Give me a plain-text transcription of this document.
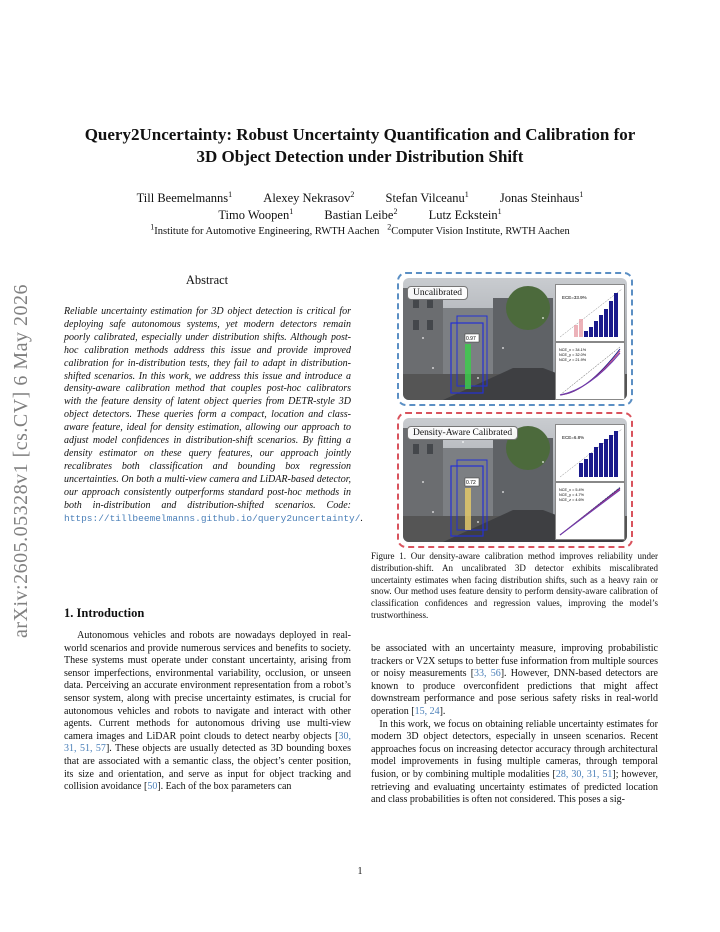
arXiv:2605.05328v1 [cs.CV] 6 May 2026
Query2Uncertainty: Robust Uncertainty Quantification and Calibration for
3D Object Detection under Distribution Shift
Till Beemelmanns$^1$ Alexey Nekrasov$^2$ Stefan Vilceanu$^1$ Jonas Steinhaus$^1$
Timo Woopen$^1$ Bastian Leibe$^2$ Lutz Eckstein$^1$
$^1$Institute for Automotive Engineering, RWTH Aachen $^2$Computer Vision Institute, RWTH Aachen
Abstract
Reliable uncertainty estimation for 3D object detection is critical for deploying safe autonomous systems, yet modern detectors remain poorly calibrated, especially under distribution shifts. Although post-hoc calibration methods address this issue and provide improved calibration for in-distribution tests, they fail to adapt in distribution-shifted scenarios. In this work, we address this issue and introduce a density-aware calibration method that couples post-hoc calibrators with the feature density of latent object queries from DETR-style 3D object detectors. These queries form a compact, location and class-aware feature, ideal for density estimation, allowing our approach to adjust model confidences in distribution-shift scenarios. By fitting a density estimator on these query features, our approach jointly recalibrates both classification and bounding box regression uncertainties. On both a multi-view camera and LiDAR-based detector, our approach consistently outperforms standard post-hoc methods in both in-distribution and distribution-shifted scenarios. Code: https://tillbeemelmanns.github.io/query2uncertainty/.
1. Introduction
Autonomous vehicles and robots are nowadays deployed in real-world scenarios and provide numerous services and benefits to society. These systems must operate under constant uncertainty, arising from sensor imperfections, environmental variability, occlusion, or unseen data. Perceiving an accurate environment representation from a robot’s sensor system, along with precise uncertainty estimates, is crucial for autonomous vehicles and robots to navigate and interact with other agents. Current methods for autonomous driving use multi-view camera images and LiDAR point clouds to detect nearby objects [30, 31, 51, 57]. These objects are usually detected as 3D bounding boxes that are associated with a semantic class, the object’s center position, its size and orientation, and serve as input for object tracking and collision avoidance [50]. Each of the box parameters can
0.97
Uncalibrated	ECE=33.9%
NCE_x = 34.1%
NCE_y = 32.0%
NCE_z = 21.9%
0.72
Density-Aware Calibrated	ECE=6.8%
NCE_x = 5.4%
NCE_y = 4.7%
NCE_z = 4.6%
Figure 1. Our density-aware calibration method improves reliability under distribution-shift. An uncalibrated 3D detector exhibits miscalibrated uncertainty estimates when facing distribution shifts, such as a heavy rain or snow. Our method uses feature density to perform density-aware calibration of classification confidences and regression values, improving the model’s trustworthiness.
be associated with an uncertainty measure, improving probabilistic trackers or V2X setups to better fuse information from multiple sources or noisy measurements [33, 56]. However, DNN-based detectors are known to produce overconfident predictions that might affect downstream performance and pose serious safety risks in real-world operation [15, 24].
In this work, we focus on obtaining reliable uncertainty estimates for modern 3D object detectors, especially in unseen scenarios. Recent approaches focus on increasing detector accuracy through architectural model improvements in fusing multiple cameras, through temporal fusion, or by combining multiple modalities [28, 30, 31, 51]; however, retrieving and evaluating uncertainty estimates of predicted location and class probabilities is often not considered. This poses a sig-
1
